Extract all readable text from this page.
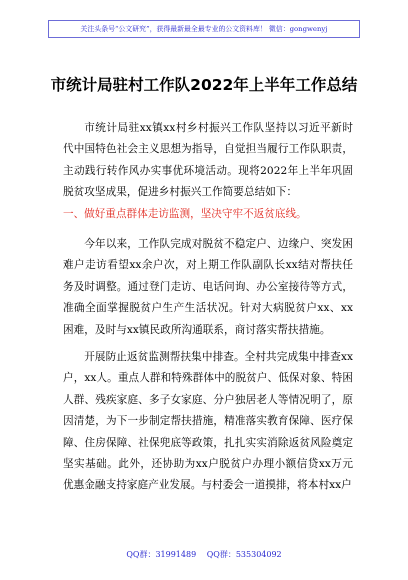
关注头条号“公文研究”，获得最新最全最专业的公文资料库！ 微信：gongwenyj
市统计局驻村工作队2022年上半年工作总结
市统计局驻xx镇xx村乡村振兴工作队坚持以习近平新时代中国特色社会主义思想为指导，自觉担当履行工作队职责，主动践行转作风办实事优环境活动。现将2022年上半年巩固脱贫攻坚成果，促进乡村振兴工作简要总结如下：
一、做好重点群体走访监测，坚决守牢不返贫底线。
今年以来，工作队完成对脱贫不稳定户、边缘户、突发困难户走访看望xx余户次，对上期工作队副队长xx结对帮扶任务及时调整。通过登门走访、电话问询、办公室接待等方式，准确全面掌握脱贫户生产生活状况。针对大病脱贫户xx、xx困难，及时与xx镇民政所沟通联系，商讨落实帮扶措施。
开展防止返贫监测帮扶集中排查。全村共完成集中排查xx户，xx人。重点人群和特殊群体中的脱贫户、低保对象、特困人群、残疾家庭、多子女家庭、分户独居老人等情况明了，原因清楚，为下一步制定帮扶措施，精准落实教育保障、医疗保障、住房保障、社保兜底等政策，扎扎实实消除返贫风险奠定坚实基础。此外，还协助为xx户脱贫户办理小额信贷xx万元优惠金融支持家庭产业发展。与村委会一道摸排，将本村xx户
QQ群：31991489 QQ群：535304092
